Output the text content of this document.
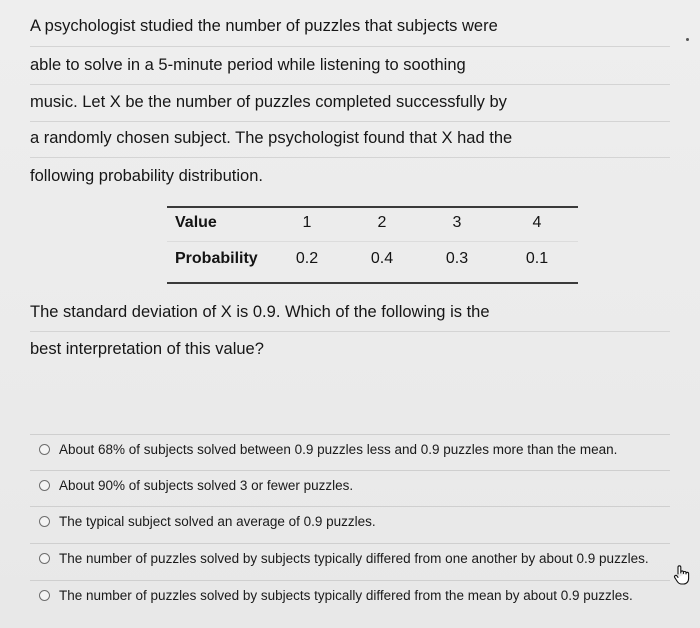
A psychologist studied the number of puzzles that subjects were
able to solve in a 5-minute period while listening to soothing
music. Let X be the number of puzzles completed successfully by
a randomly chosen subject. The psychologist found that X had the
following probability distribution.
Value	1	2	3	4
Probability	0.2	0.4	0.3	0.1
The standard deviation of X is 0.9. Which of the following is the
best interpretation of this value?
About 68% of subjects solved between 0.9 puzzles less and 0.9 puzzles more than the mean.
About 90% of subjects solved 3 or fewer puzzles.
The typical subject solved an average of 0.9 puzzles.
The number of puzzles solved by subjects typically differed from one another by about 0.9 puzzles.
The number of puzzles solved by subjects typically differed from the mean by about 0.9 puzzles.
